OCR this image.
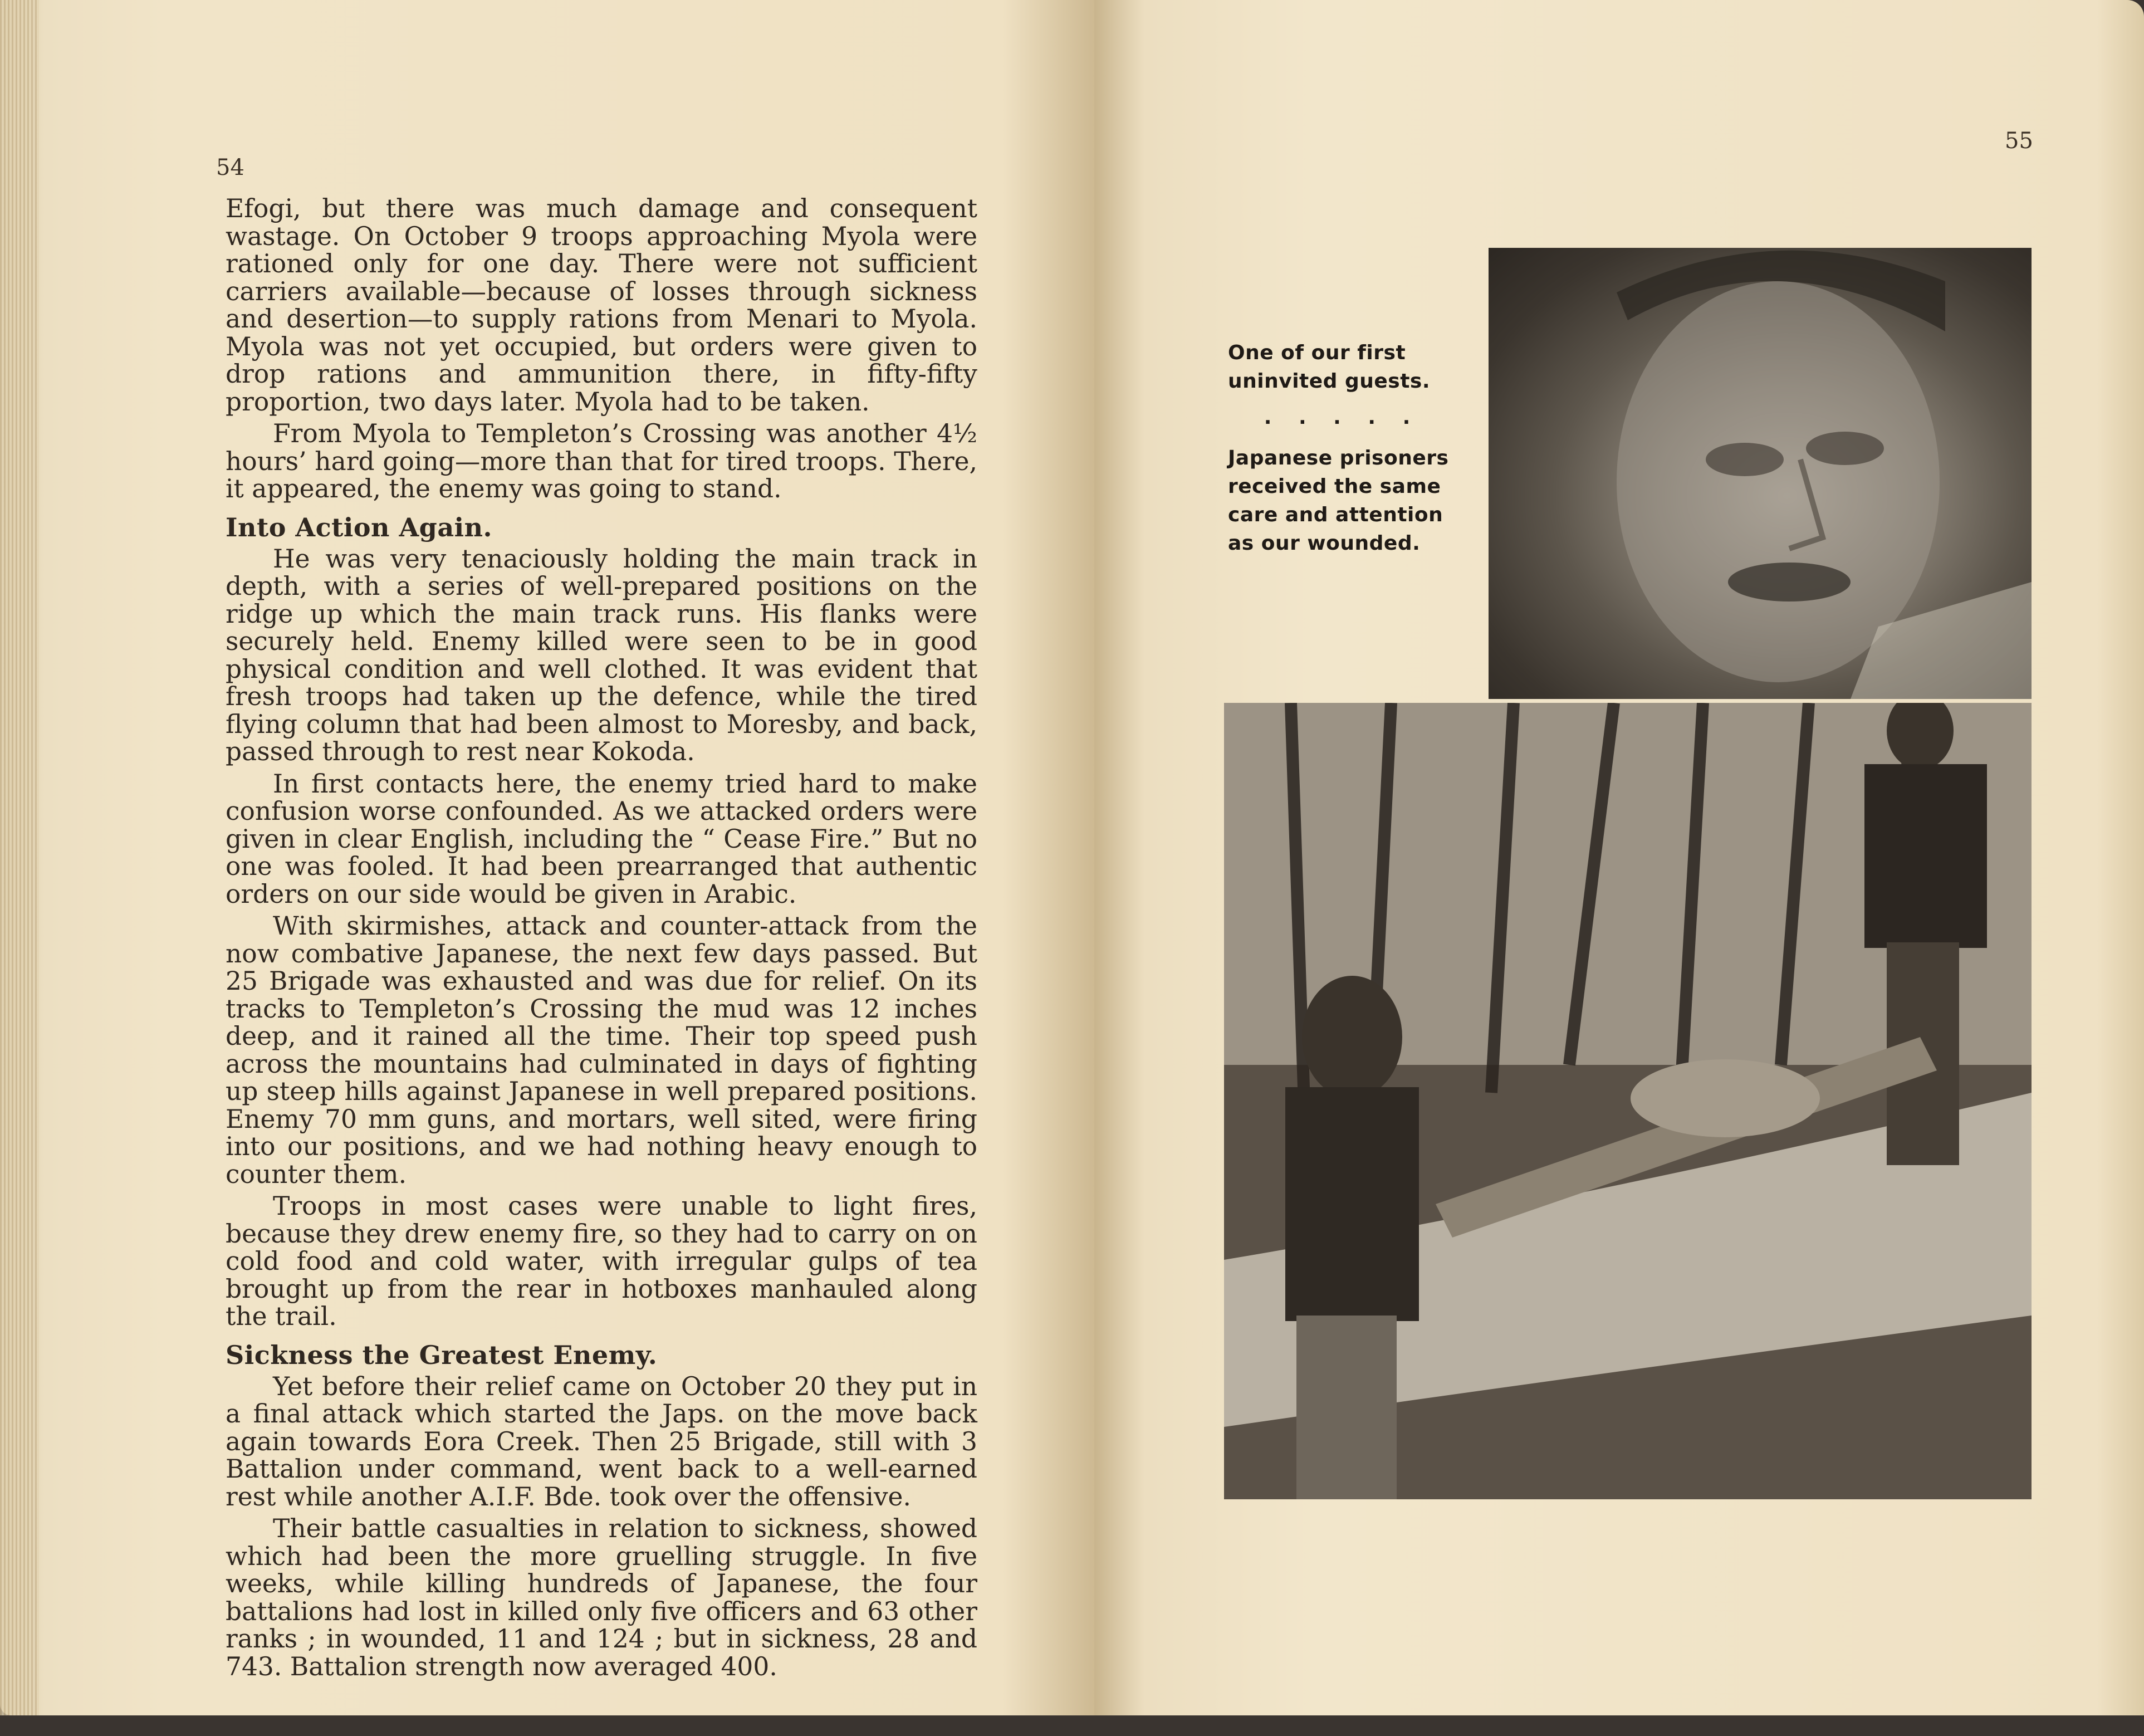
54

Efogi, but there was much damage and consequent wastage. On October 9 troops approaching Myola were rationed only for one day. There were not sufficient carriers available—because of losses through sickness and desertion—to supply rations from Menari to Myola. Myola was not yet occupied, but orders were given to drop rations and ammunition there, in fifty-fifty proportion, two days later. Myola had to be taken.

From Myola to Templeton’s Crossing was another 4½ hours’ hard going—more than that for tired troops. There, it appeared, the enemy was going to stand.

Into Action Again.

He was very tenaciously holding the main track in depth, with a series of well-prepared positions on the ridge up which the main track runs. His flanks were securely held. Enemy killed were seen to be in good physical condition and well clothed. It was evident that fresh troops had taken up the defence, while the tired flying column that had been almost to Moresby, and back, passed through to rest near Kokoda.

In first contacts here, the enemy tried hard to make confusion worse confounded. As we attacked orders were given in clear English, including the “ Cease Fire.” But no one was fooled. It had been prearranged that authentic orders on our side would be given in Arabic.

With skirmishes, attack and counter-attack from the now combative Japanese, the next few days passed. But 25 Brigade was exhausted and was due for relief. On its tracks to Templeton’s Crossing the mud was 12 inches deep, and it rained all the time. Their top speed push across the mountains had culminated in days of fighting up steep hills against Japanese in well prepared positions. Enemy 70 mm guns, and mortars, well sited, were firing into our positions, and we had nothing heavy enough to counter them.

Troops in most cases were unable to light fires, because they drew enemy fire, so they had to carry on on cold food and cold water, with irregular gulps of tea brought up from the rear in hotboxes manhauled along the trail.

Sickness the Greatest Enemy.

Yet before their relief came on October 20 they put in a final attack which started the Japs. on the move back again towards Eora Creek. Then 25 Brigade, still with 3 Battalion under command, went back to a well-earned rest while another A.I.F. Bde. took over the offensive.

Their battle casualties in relation to sickness, showed which had been the more gruelling struggle. In five weeks, while killing hundreds of Japanese, the four battalions had lost in killed only five officers and 63 other ranks ; in wounded, 11 and 124 ; but in sickness, 28 and 743. Battalion strength now averaged 400.

55

One of our first uninvited guests.

. . . . .

Japanese prisoners received the same care and attention as our wounded.
